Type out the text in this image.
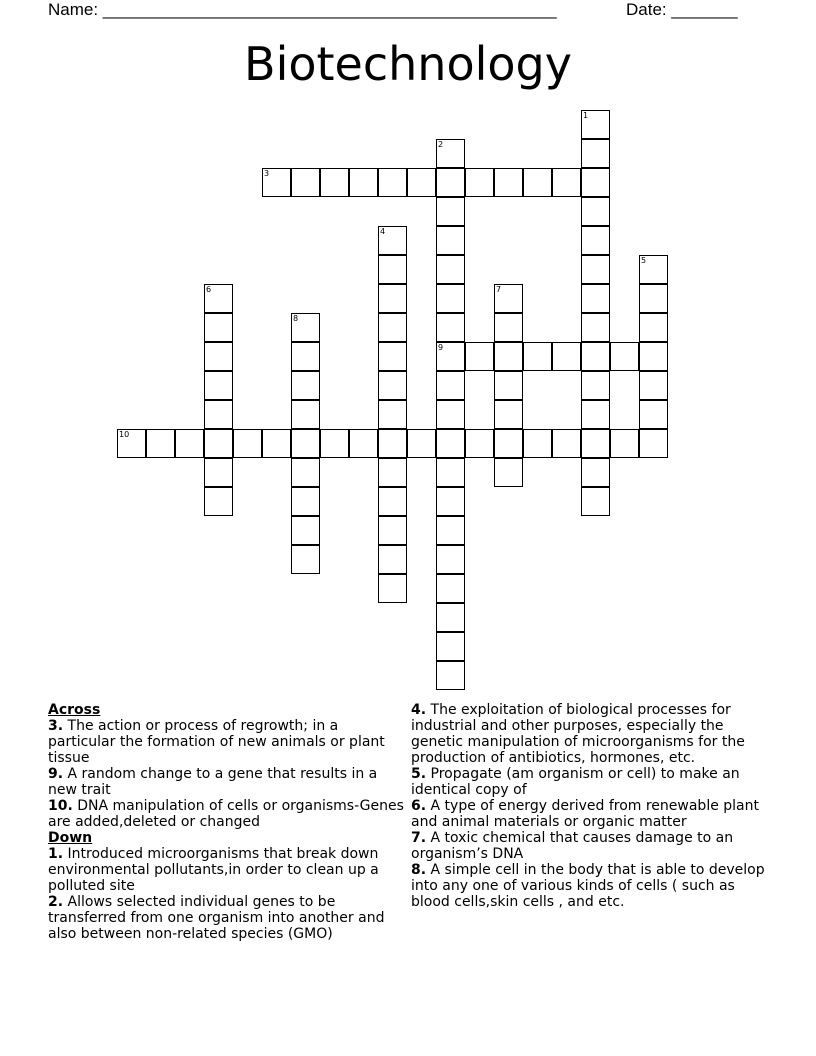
Name: ________________________________________________	Date: _______
Biotechnology
1
2
9
3
4
5
6	7
8
10
Across
3. The action or process of regrowth; in a particular the formation of new animals or plant tissue
9. A random change to a gene that results in a new trait
10. DNA manipulation of cells or organisms-Genes are added,deleted or changed
Down
1. Introduced microorganisms that break down environmental pollutants,in order to clean up a polluted site
2. Allows selected individual genes to be transferred from one organism into another and also between non-related species (GMO)
4. The exploitation of biological processes for industrial and other purposes, especially the genetic manipulation of microorganisms for the production of antibiotics, hormones, etc.
5. Propagate (am organism or cell) to make an identical copy of
6. A type of energy derived from renewable plant and animal materials or organic matter
7. A toxic chemical that causes damage to an organism’s DNA
8. A simple cell in the body that is able to develop into any one of various kinds of cells ( such as blood cells,skin cells , and etc.
